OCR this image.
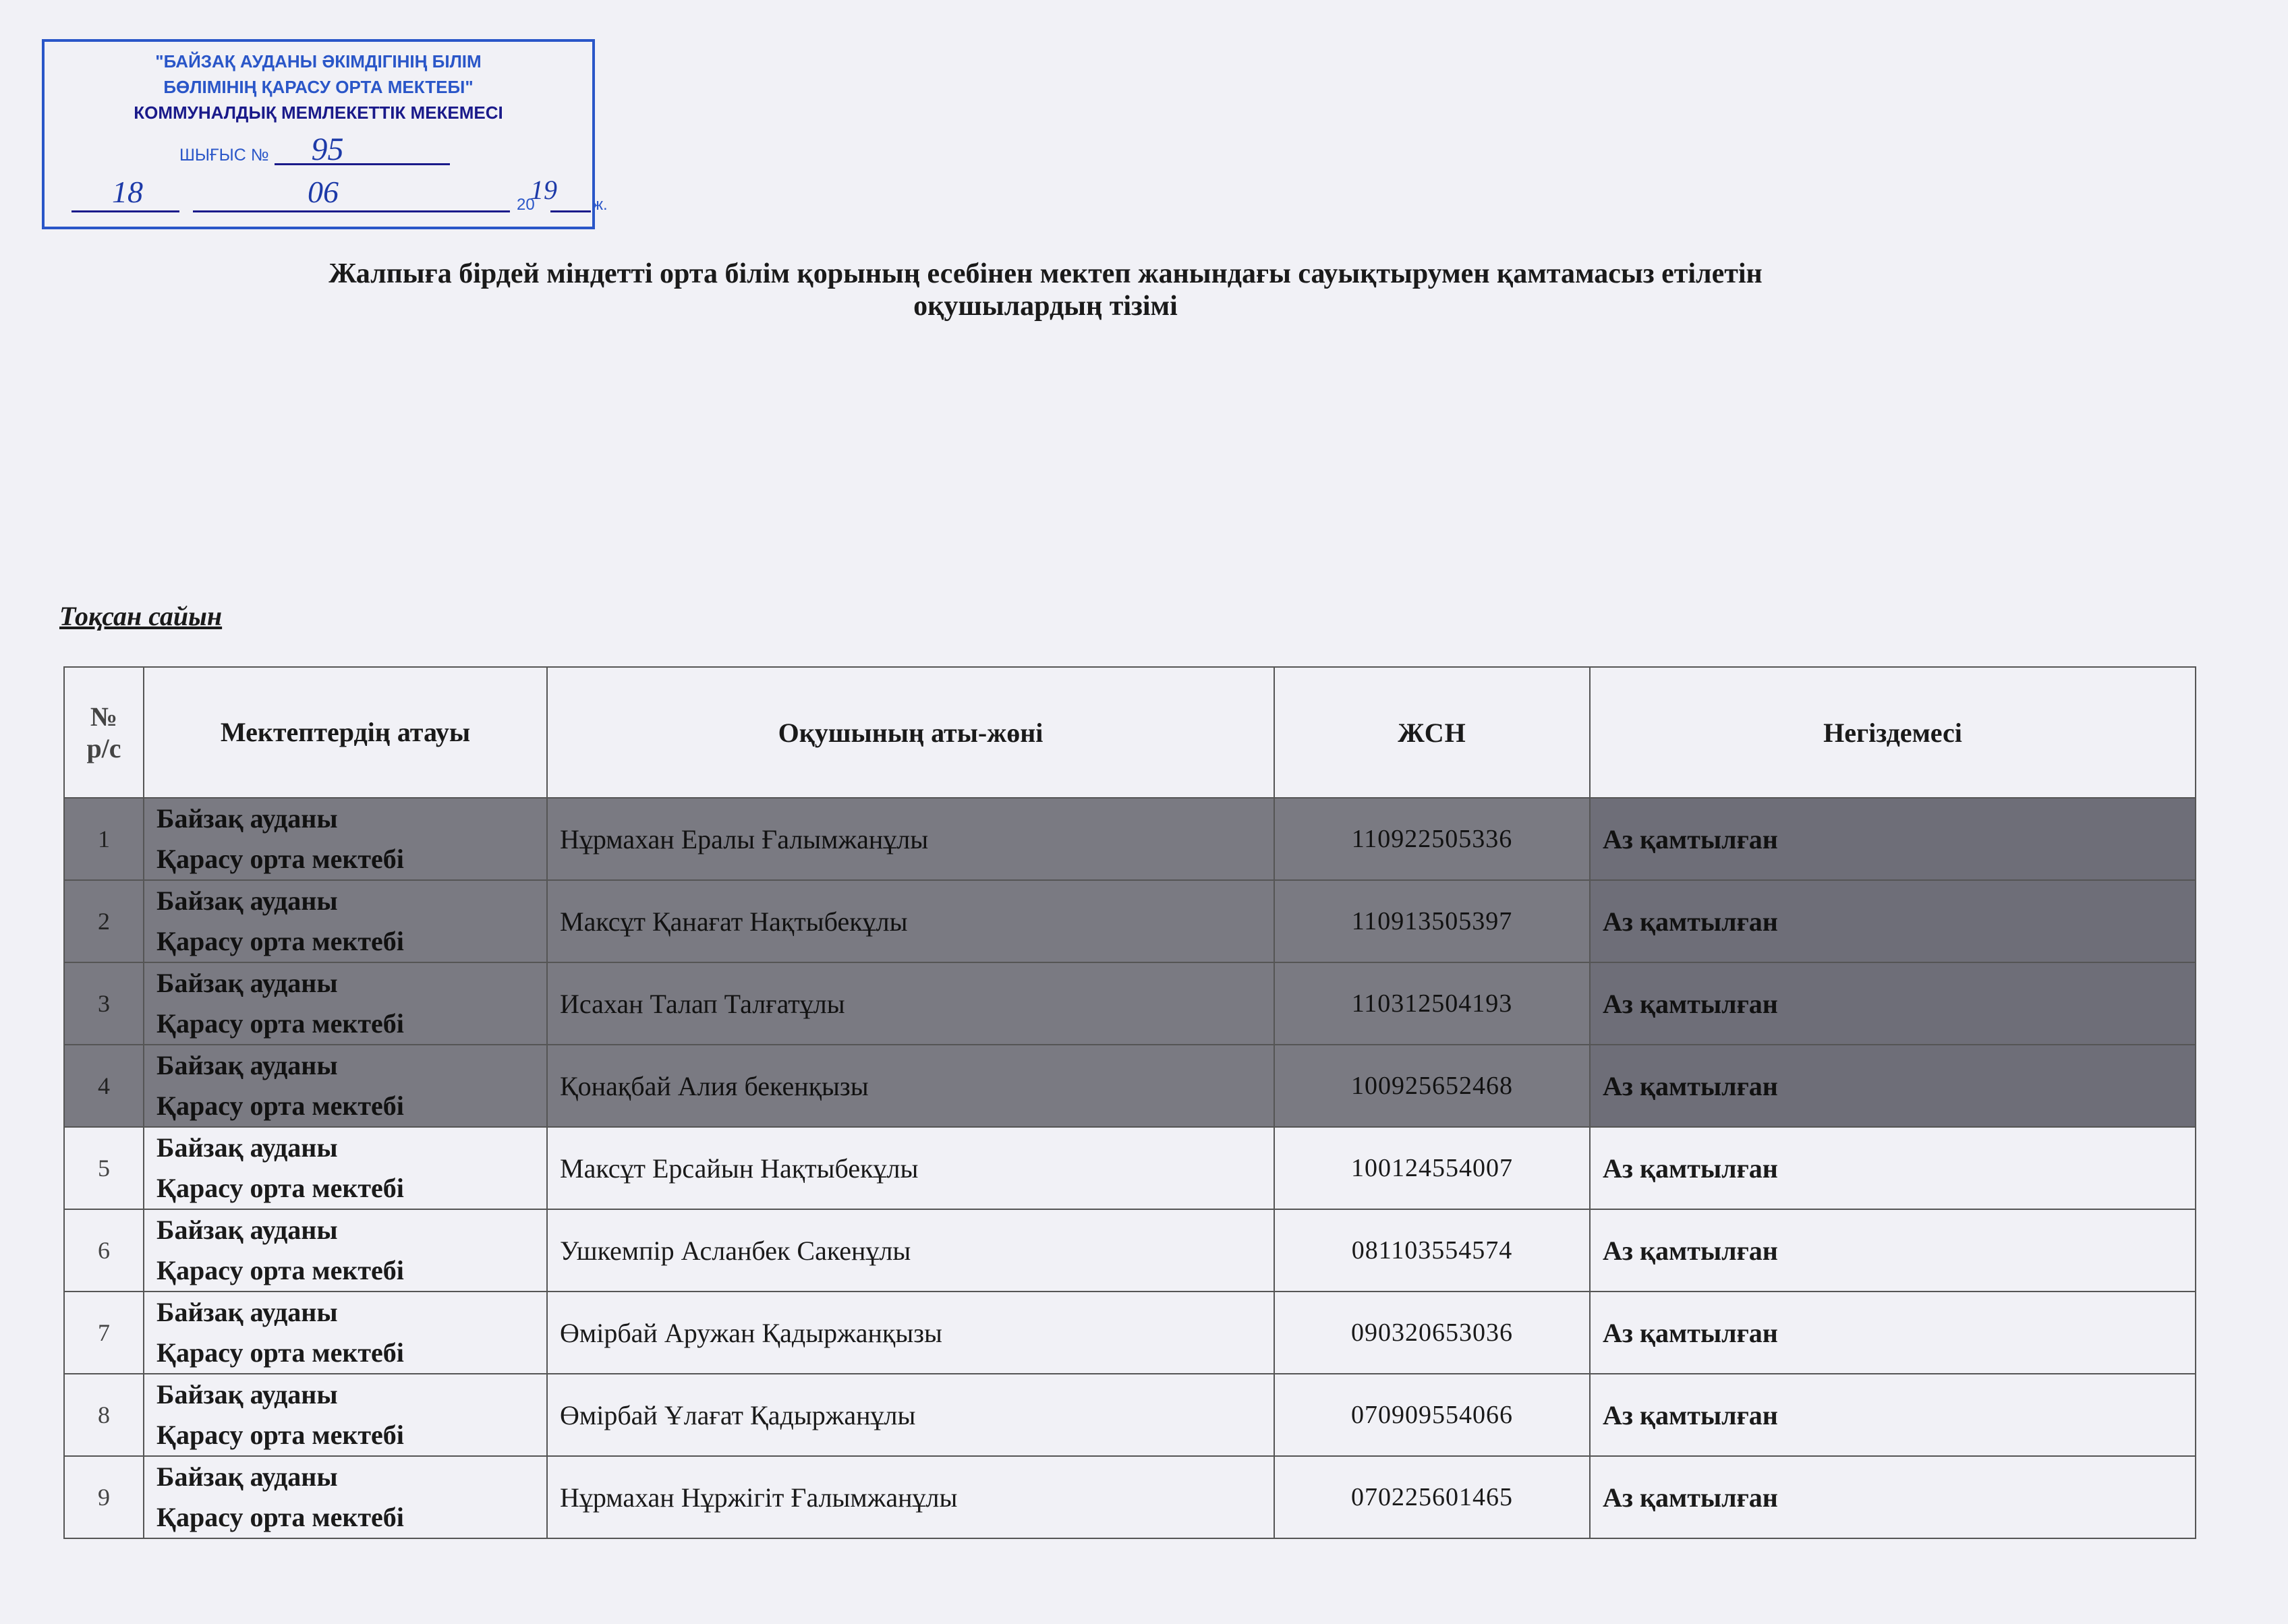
"БАЙЗАҚ АУДАНЫ ӘКІМДІГІНІҢ БІЛІМ
БӨЛІМІНІҢ ҚАРАСУ ОРТА МЕКТЕБІ"
КОММУНАЛДЫҚ МЕМЛЕКЕТТІК МЕКЕМЕСІ
ШЫҒЫС № 95
18	06	20
19 ж.
Жалпыға бірдей міндетті орта білім қорының есебінен мектеп жанындағы сауықтырумен қамтамасыз етілетін
оқушылардың тізімі
Тоқсан сайын
№ р/с	Мектептердің атауы	Оқушының аты-жөні	ЖСН	Негіздемесі
1	Байзақ ауданы
Қарасу орта мектебі	Нұрмахан Ералы Ғалымжанұлы	110922505336	Аз қамтылған
2	Байзақ ауданы
Қарасу орта мектебі	Максұт Қанағат Нақтыбекұлы	110913505397	Аз қамтылған
3	Байзақ ауданы
Қарасу орта мектебі	Исахан Талап Талғатұлы	110312504193	Аз қамтылған
4	Байзақ ауданы
Қарасу орта мектебі	Қонақбай Алия бекенқызы	100925652468	Аз қамтылған
5	Байзақ ауданы
Қарасу орта мектебі	Максұт Ерсайын Нақтыбекұлы	100124554007	Аз қамтылған
6	Байзақ ауданы
Қарасу орта мектебі	Ушкемпір Асланбек Сакенұлы	081103554574	Аз қамтылған
7	Байзақ ауданы
Қарасу орта мектебі	Өмірбай Аружан Қадыржанқызы	090320653036	Аз қамтылған
8	Байзақ ауданы
Қарасу орта мектебі	Өмірбай Ұлағат Қадыржанұлы	070909554066	Аз қамтылған
9	Байзақ ауданы
Қарасу орта мектебі	Нұрмахан Нұржігіт Ғалымжанұлы	070225601465	Аз қамтылған
